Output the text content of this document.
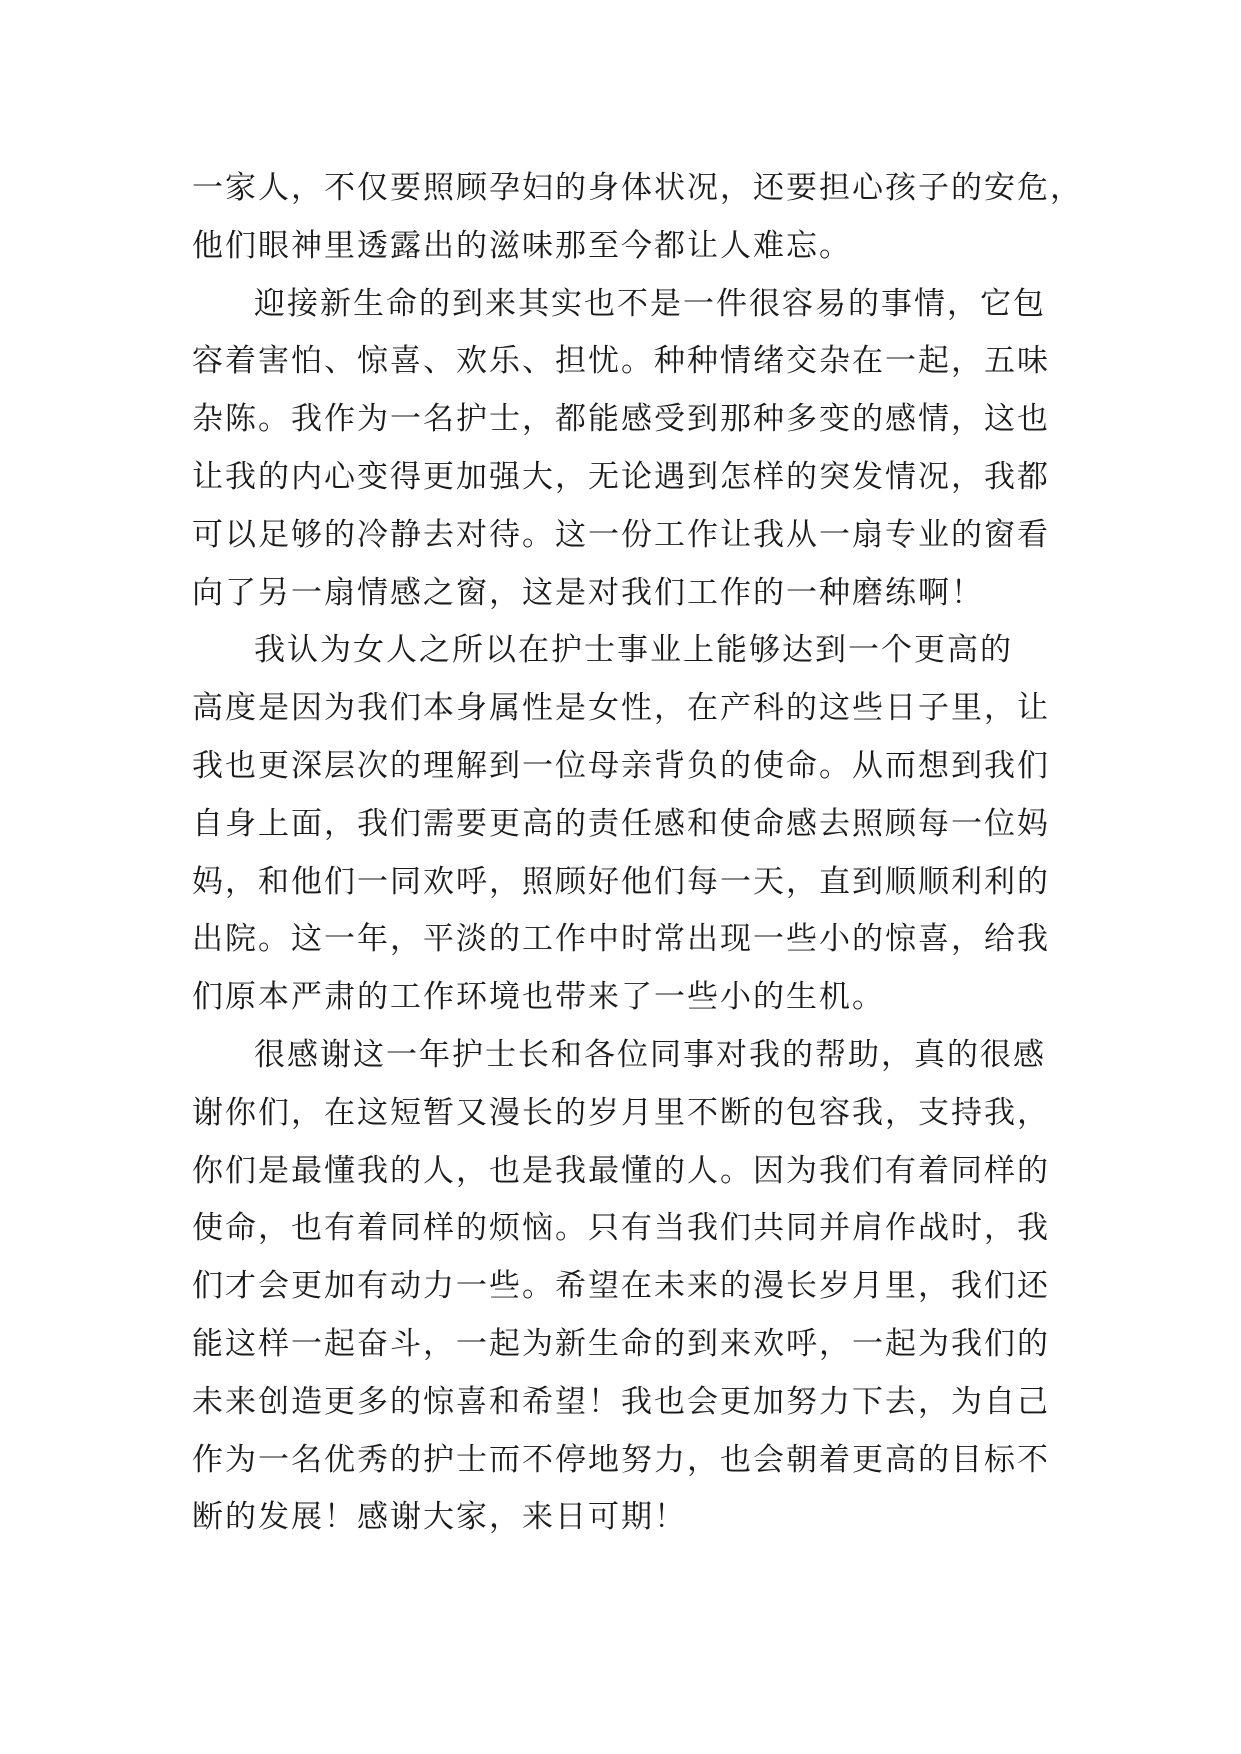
一家人，不仅要照顾孕妇的身体状况，还要担心孩子的安危，
他们眼神里透露出的滋味那至今都让人难忘。
迎接新生命的到来其实也不是一件很容易的事情，它包
容着害怕、惊喜、欢乐、担忧。种种情绪交杂在一起，五味
杂陈。我作为一名护士，都能感受到那种多变的感情，这也
让我的内心变得更加强大，无论遇到怎样的突发情况，我都
可以足够的冷静去对待。这一份工作让我从一扇专业的窗看
向了另一扇情感之窗，这是对我们工作的一种磨练啊！
我认为女人之所以在护士事业上能够达到一个更高的
高度是因为我们本身属性是女性，在产科的这些日子里，让
我也更深层次的理解到一位母亲背负的使命。从而想到我们
自身上面，我们需要更高的责任感和使命感去照顾每一位妈
妈，和他们一同欢呼，照顾好他们每一天，直到顺顺利利的
出院。这一年，平淡的工作中时常出现一些小的惊喜，给我
们原本严肃的工作环境也带来了一些小的生机。
很感谢这一年护士长和各位同事对我的帮助，真的很感
谢你们，在这短暂又漫长的岁月里不断的包容我，支持我，
你们是最懂我的人，也是我最懂的人。因为我们有着同样的
使命，也有着同样的烦恼。只有当我们共同并肩作战时，我
们才会更加有动力一些。希望在未来的漫长岁月里，我们还
能这样一起奋斗，一起为新生命的到来欢呼，一起为我们的
未来创造更多的惊喜和希望！我也会更加努力下去，为自己
作为一名优秀的护士而不停地努力，也会朝着更高的目标不
断的发展！感谢大家，来日可期！
